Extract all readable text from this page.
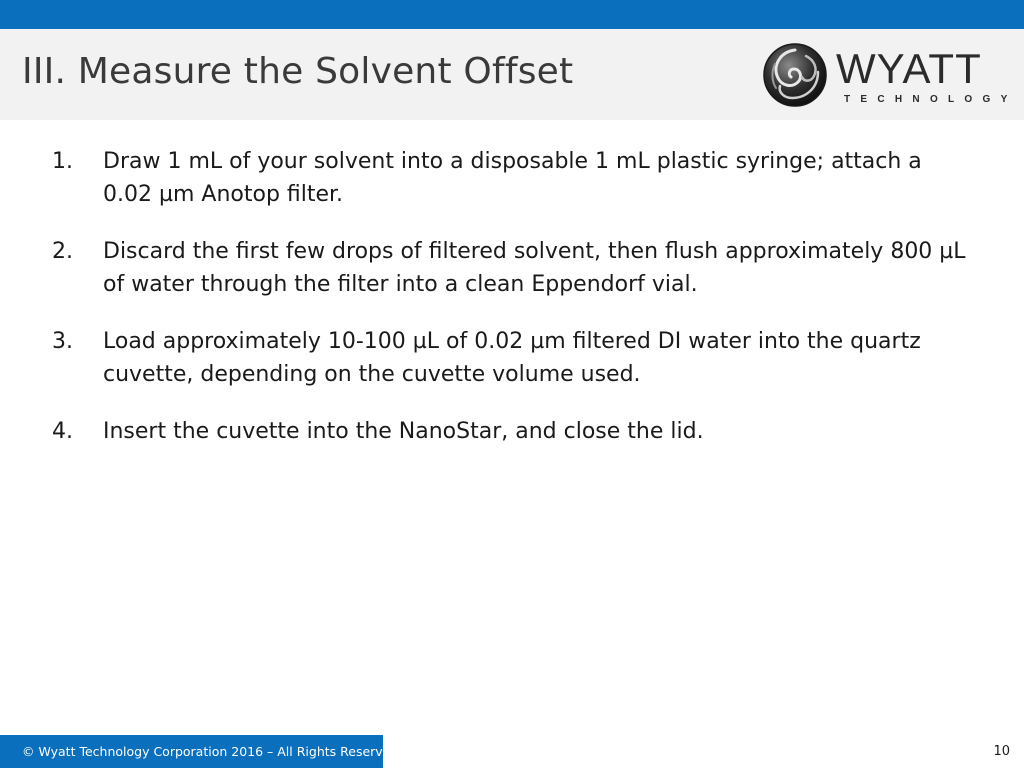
III. Measure the Solvent Offset	WYATT
TECHNOLOGY
1. Draw 1 mL of your solvent into a disposable 1 mL plastic syringe; attach a 0.02 µm Anotop filter.
2. Discard the first few drops of filtered solvent, then flush approximately 800 µL of water through the filter into a clean Eppendorf vial.
3. Load approximately 10-100 µL of 0.02 µm filtered DI water into the quartz cuvette, depending on the cuvette volume used.
4. Insert the cuvette into the NanoStar, and close the lid.
© Wyatt Technology Corporation 2016 – All Rights Reserved	10
